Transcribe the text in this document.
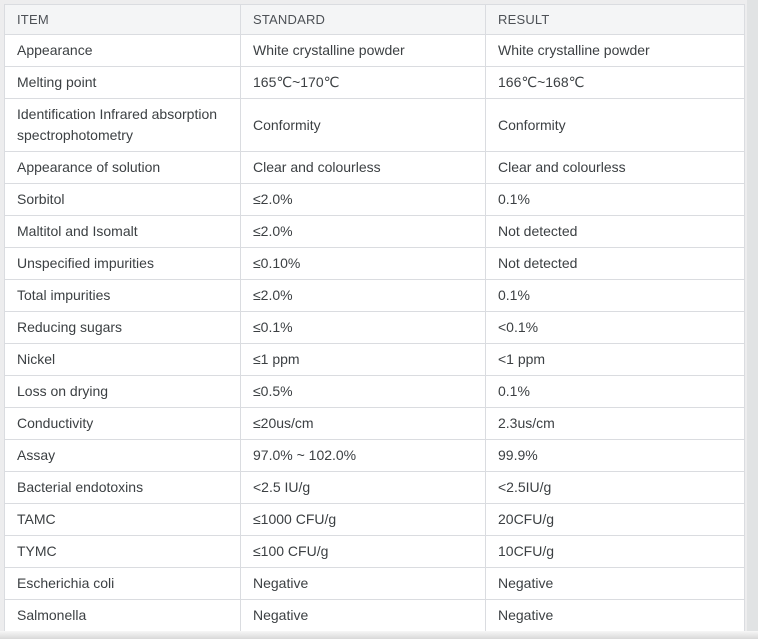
ITEM	STANDARD	RESULT
Appearance	White crystalline powder	White crystalline powder
Melting point	165℃~170℃	166℃~168℃
Identification Infrared absorption spectrophotometry	Conformity	Conformity
Appearance of solution	Clear and colourless	Clear and colourless
Sorbitol	≤2.0%	0.1%
Maltitol and Isomalt	≤2.0%	Not detected
Unspecified impurities	≤0.10%	Not detected
Total impurities	≤2.0%	0.1%
Reducing sugars	≤0.1%	<0.1%
Nickel	≤1 ppm	<1 ppm
Loss on drying	≤0.5%	0.1%
Conductivity	≤20us/cm	2.3us/cm
Assay	97.0% ~ 102.0%	99.9%
Bacterial endotoxins	<2.5 IU/g	<2.5IU/g
TAMC	≤1000 CFU/g	20CFU/g
TYMC	≤100 CFU/g	10CFU/g
Escherichia coli	Negative	Negative
Salmonella	Negative	Negative
